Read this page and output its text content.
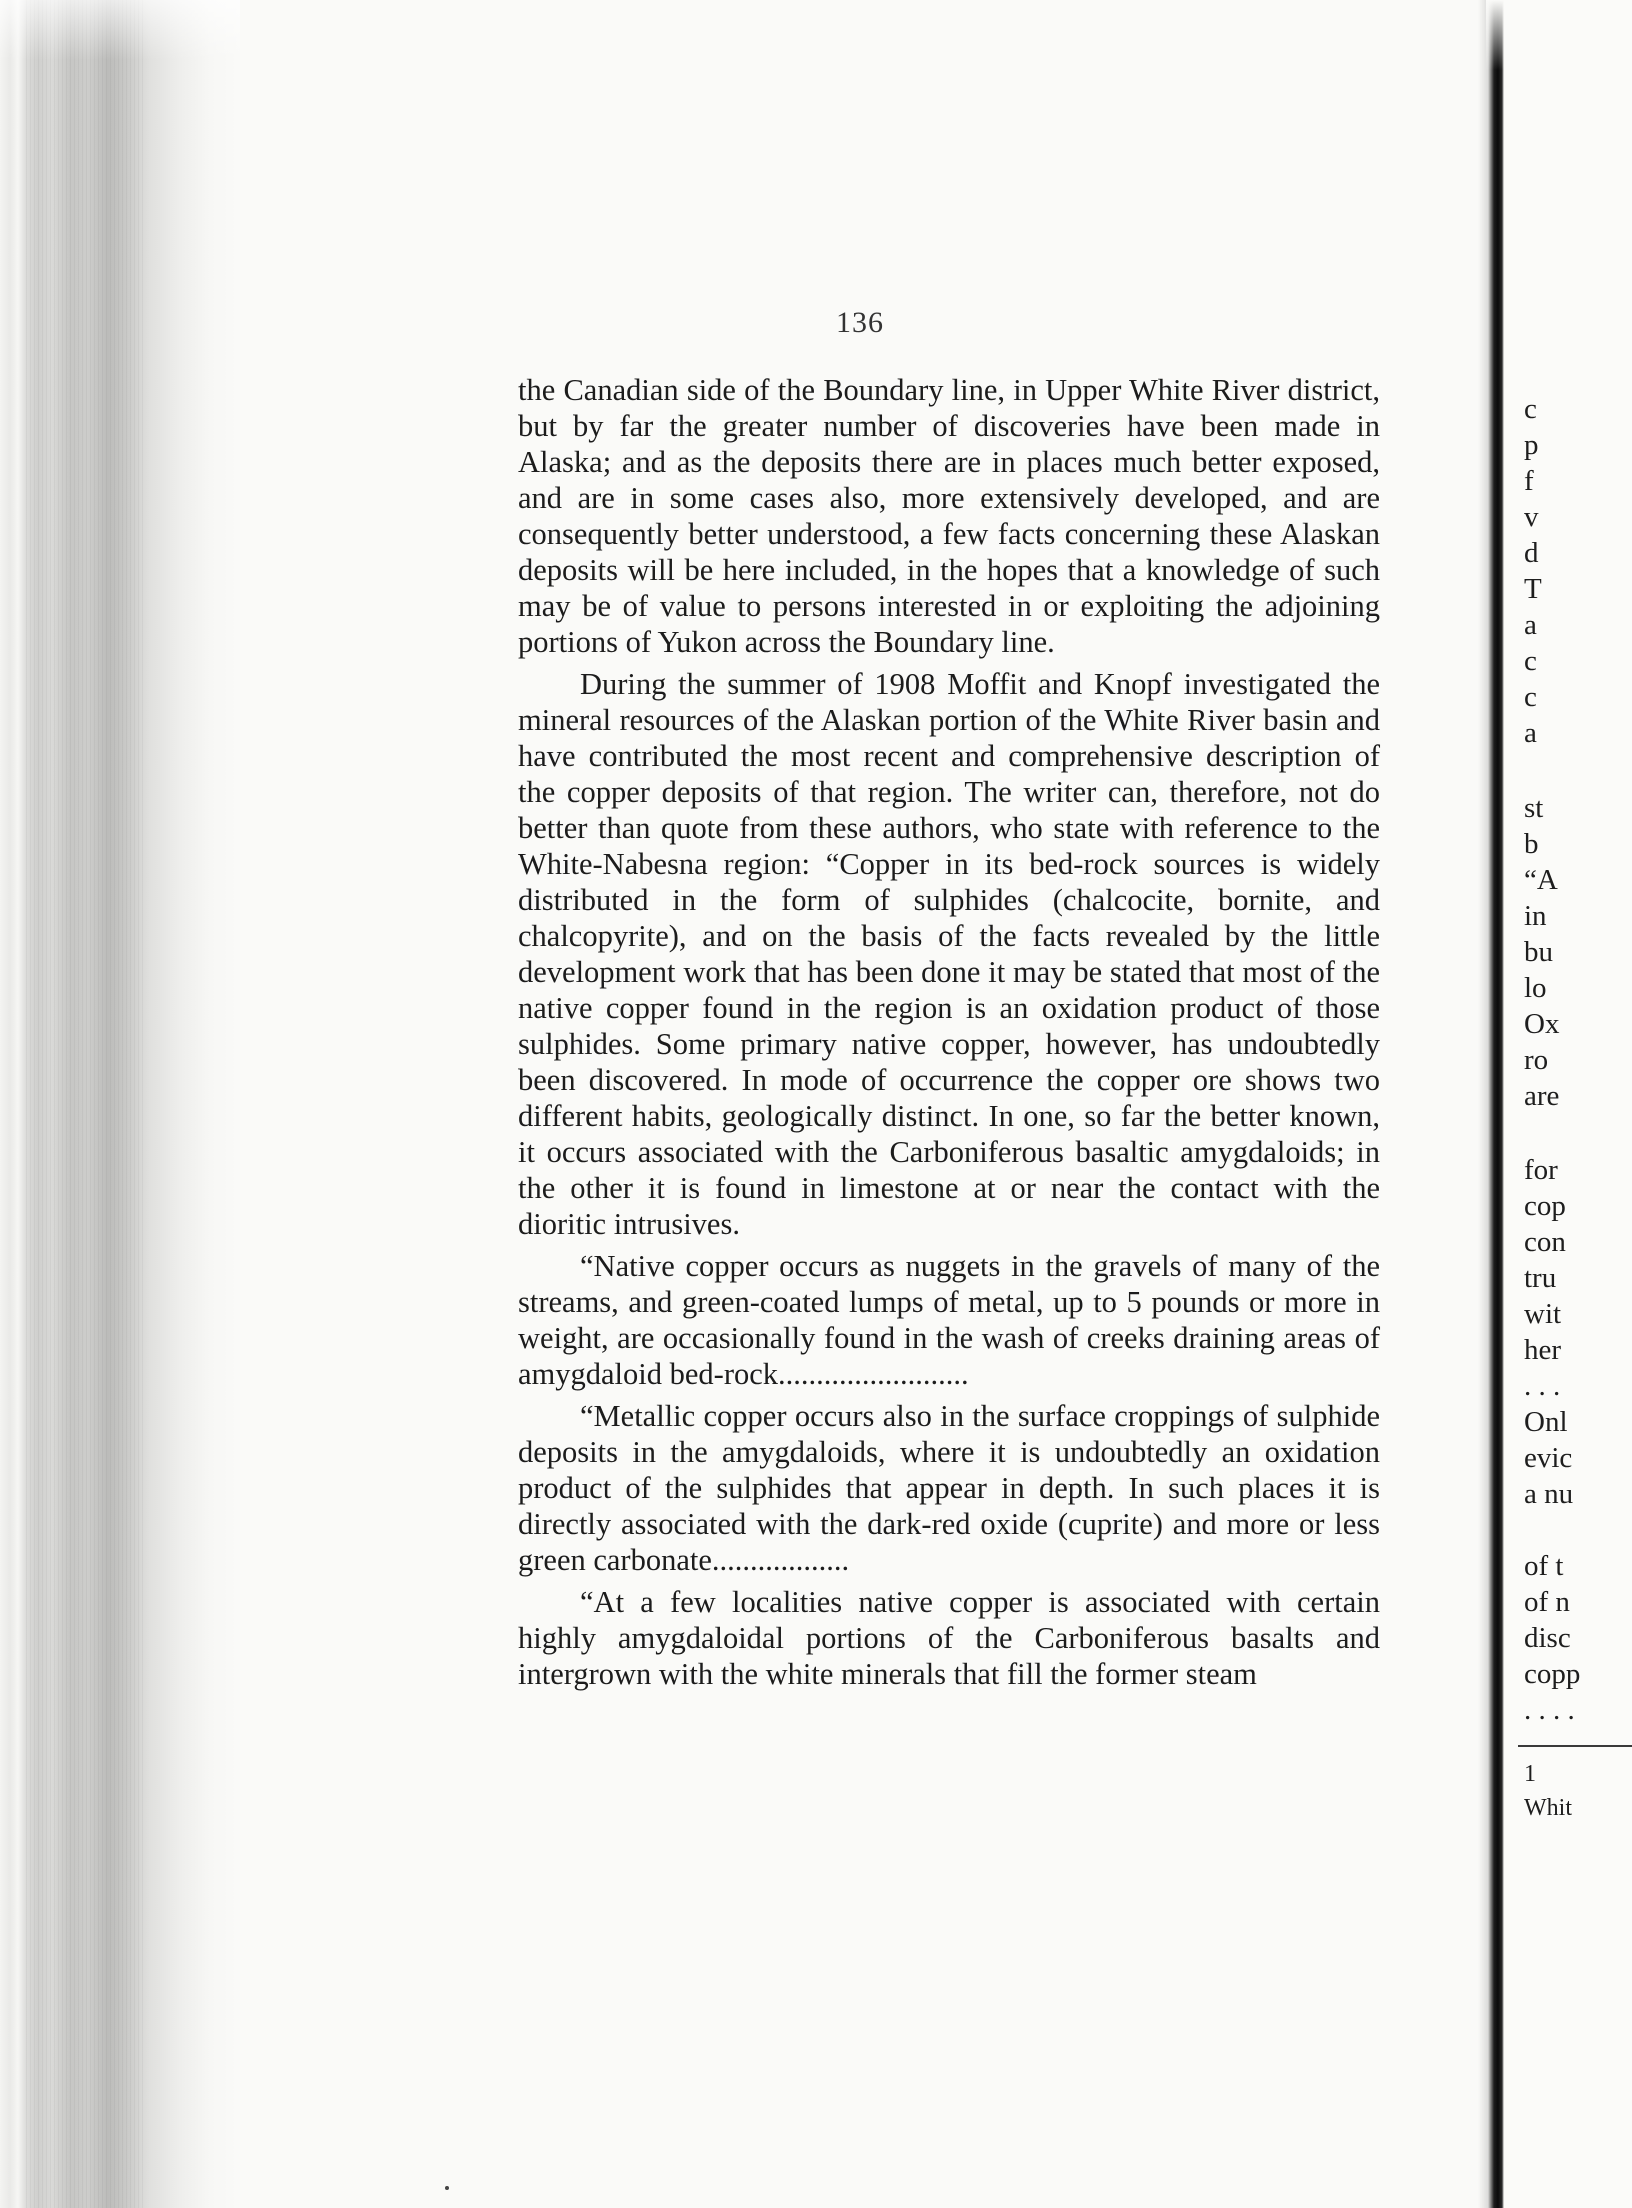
136

the Canadian side of the Boundary line, in Upper White River district, but by far the greater number of discoveries have been made in Alaska; and as the deposits there are in places much better exposed, and are in some cases also, more extensively developed, and are consequently better understood, a few facts concerning these Alaskan deposits will be here included, in the hopes that a knowledge of such may be of value to persons interested in or exploiting the adjoining portions of Yukon across the Boundary line.

During the summer of 1908 Moffit and Knopf investigated the mineral resources of the Alaskan portion of the White River basin and have contributed the most recent and comprehensive description of the copper deposits of that region. The writer can, therefore, not do better than quote from these authors, who state with reference to the White-Nabesna region: “Copper in its bed-rock sources is widely distributed in the form of sulphides (chalcocite, bornite, and chalcopyrite), and on the basis of the facts revealed by the little development work that has been done it may be stated that most of the native copper found in the region is an oxidation product of those sulphides. Some primary native copper, however, has undoubtedly been discovered. In mode of occurrence the copper ore shows two different habits, geologically distinct. In one, so far the better known, it occurs associated with the Carboniferous basaltic amygdaloids; in the other it is found in limestone at or near the contact with the dioritic intrusives.

“Native copper occurs as nuggets in the gravels of many of the streams, and green-coated lumps of metal, up to 5 pounds or more in weight, are occasionally found in the wash of creeks draining areas of amygdaloid bed-rock.........................

“Metallic copper occurs also in the surface croppings of sulphide deposits in the amygdaloids, where it is undoubtedly an oxidation product of the sulphides that appear in depth. In such places it is directly associated with the dark-red oxide (cuprite) and more or less green carbonate..................

“At a few localities native copper is associated with certain highly amygdaloidal portions of the Carboniferous basalts and intergrown with the white minerals that fill the former steam

c

p

f

v

d

T

a

c

c

a

st

b

“A

in

bu

lo

Ox

ro

are

for

cop

con

tru

wit

her

. . .

Onl

evic

a nu

of t

of n

disc

copp

. . . .

1

Whit
